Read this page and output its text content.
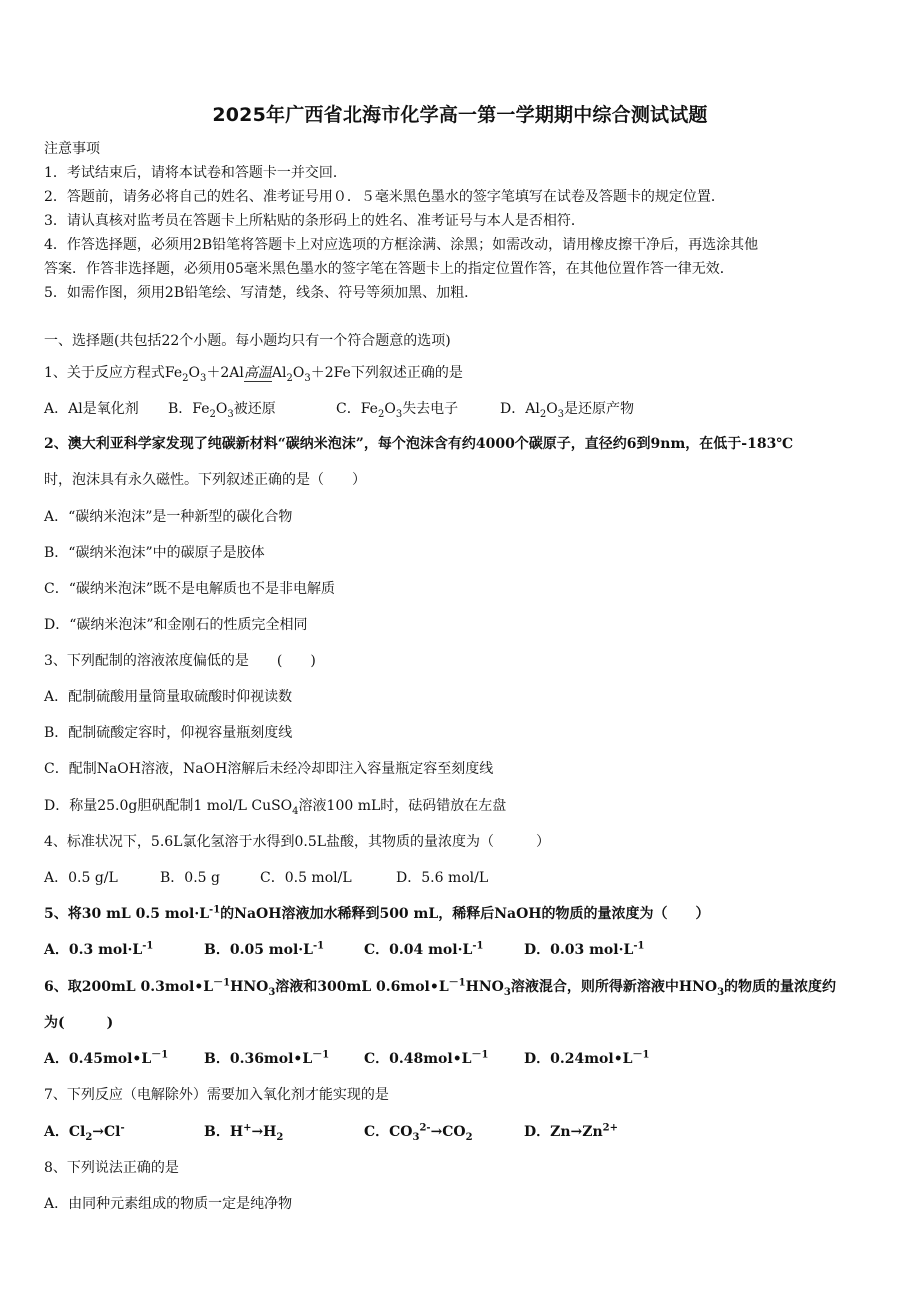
2025年广西省北海市化学高一第一学期期中综合测试试题
注意事项
1．考试结束后，请将本试卷和答题卡一并交回．
2．答题前，请务必将自己的姓名、准考证号用０．５毫米黑色墨水的签字笔填写在试卷及答题卡的规定位置．
3．请认真核对监考员在答题卡上所粘贴的条形码上的姓名、准考证号与本人是否相符．
4．作答选择题，必须用2B铅笔将答题卡上对应选项的方框涂满、涂黑；如需改动，请用橡皮擦干净后，再选涂其他
答案．作答非选择题，必须用05毫米黑色墨水的签字笔在答题卡上的指定位置作答，在其他位置作答一律无效．
5．如需作图，须用2B铅笔绘、写清楚，线条、符号等须加黑、加粗．
一、选择题(共包括22个小题。每小题均只有一个符合题意的选项)
1、关于反应方程式$Fe_2O_3+2Al$高温$Al_2O_3+2Fe$下列叙述正确的是
A．Al是氧化剂 B．$Fe_2O_3$被还原	C．$Fe_2O_3$失去电子	D．$Al_2O_3$是还原产物
2、澳大利亚科学家发现了纯碳新材料“碳纳米泡沫”，每个泡沫含有约4000个碳原子，直径约6到9nm，在低于-183℃
时，泡沫具有永久磁性。下列叙述正确的是（　　）
A．“碳纳米泡沫”是一种新型的碳化合物
B．“碳纳米泡沫”中的碳原子是胶体
C．“碳纳米泡沫”既不是电解质也不是非电解质
D．“碳纳米泡沫”和金刚石的性质完全相同
3、下列配制的溶液浓度偏低的是　　(　　)
A．配制硫酸用量筒量取硫酸时仰视读数
B．配制硫酸定容时，仰视容量瓶刻度线
C．配制NaOH溶液，NaOH溶解后未经冷却即注入容量瓶定容至刻度线
D．称量25.0g胆矾配制1 mol/L CuSO$_4$溶液100 mL时，砝码错放在左盘
4、标准状况下，5.6L氯化氢溶于水得到0.5L盐酸，其物质的量浓度为（　　　）
A．0.5 g/L	B．0.5 g	C．0.5 mol/L	D．5.6 mol/L
5、将30 mL 0.5 $mol\cdot L^{-1}$的NaOH溶液加水稀释到500 mL，稀释后NaOH的物质的量浓度为（　　）
A．0.3 $mol\cdot L^{-1}$	B．0.05 $mol\cdot L^{-1}$	C．0.04 $mol\cdot L^{-1}$	D．0.03 $mol\cdot L^{-1}$
6、取200mL $0.3mol•L^{-1}HNO_3$溶液和300mL $0.6mol•L^{-1}HNO_3$溶液混合，则所得新溶液中$HNO_3$的物质的量浓度约
为(　　　)
A．$0.45mol•L^{-1}$	B．$0.36mol•L^{-1}$ C．$0.48mol•L^{-1}$	D．$0.24mol•L^{-1}$
7、下列反应（电解除外）需要加入氧化剂才能实现的是
A．$Cl_2\to Cl^-$	B．$H^+\to H_2$	C．$CO_3^{2-}\to CO_2$	D．$Zn\to Zn^{2+}$
8、下列说法正确的是
A．由同种元素组成的物质一定是纯净物
